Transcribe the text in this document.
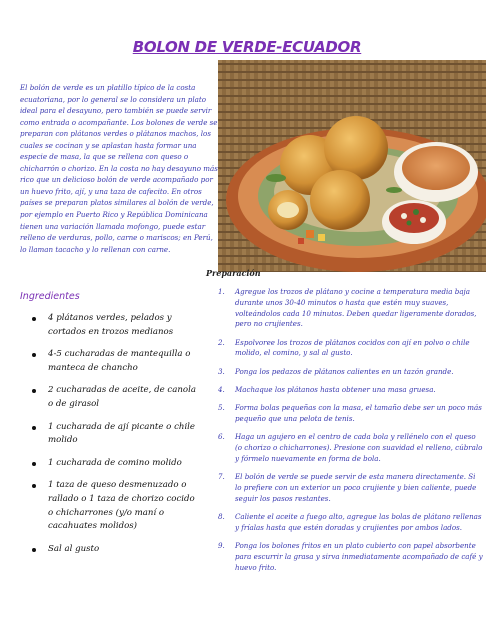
BOLON DE VERDE-ECUADOR
El bolón de verde es un platillo típico de la costa ecuatoriana, por lo general se lo considera un plato ideal para el desayuno, pero también se puede servir como entrada o acompañante. Los bolones de verde se preparan con plátanos verdes o plátanos machos, los cuales se cocinan y se aplastan hasta formar una especie de masa, la que se rellena con queso o chicharrón o chorizo. En la costa no hay desayuno más rico que un delicioso bolón de verde acompañado por un huevo frito, ají, y una taza de cafecito. En otros países se preparan platos similares al bolón de verde, por ejemplo en Puerto Rico y República Dominicana tienen una variación llamada mofongo, puede estar relleno de verduras, pollo, carne o mariscos; en Perú, lo llaman tacacho y lo rellenan con carne.
Preparación
Ingredientes
4 plátanos verdes, pelados y cortados en trozos medianos
4-5 cucharadas de mantequilla o manteca de chancho
2 cucharadas de aceite, de canola o de girasol
1 cucharada de ají picante o chile molido
1 cucharada de comino molido
1 taza de queso desmenuzado o rallado o 1 taza de chorizo cocido o chicharrones (y/o maní o cacahuates molidos)
Sal al gusto
1. Agregue los trozos de plátano y cocine a temperatura media baja durante unos 30-40 minutos o hasta que estén muy suaves, volteándolos cada 10 minutos. Deben quedar ligeramente dorados, pero no crujientes.
2. Espolvoree los trozos de plátanos cocidos con ají en polvo o chile molido, el comino, y sal al gusto.
3. Ponga los pedazos de plátanos calientes en un tazón grande.
4. Machaque los plátanos hasta obtener una masa gruesa.
5. Forma bolas pequeñas con la masa, el tamaño debe ser un poco más pequeño que una pelota de tenis.
6. Haga un agujero en el centro de cada bola y rellénelo con el queso (o chorizo o chicharrones). Presione con suavidad el relleno, cúbralo y fórmelo nuevamente en forma de bola.
7. El bolón de verde se puede servir de esta manera directamente. Si lo prefiere con un exterior un poco crujiente y bien caliente, puede seguir los pasos restantes.
8. Caliente el aceite a fuego alto, agregue las bolas de plátano rellenas y fríalas hasta que estén doradas y crujientes por ambos lados.
9. Ponga los bolones fritos en un plato cubierto con papel absorbente para escurrir la grasa y sirva inmediatamente acompañado de café y huevo frito.
